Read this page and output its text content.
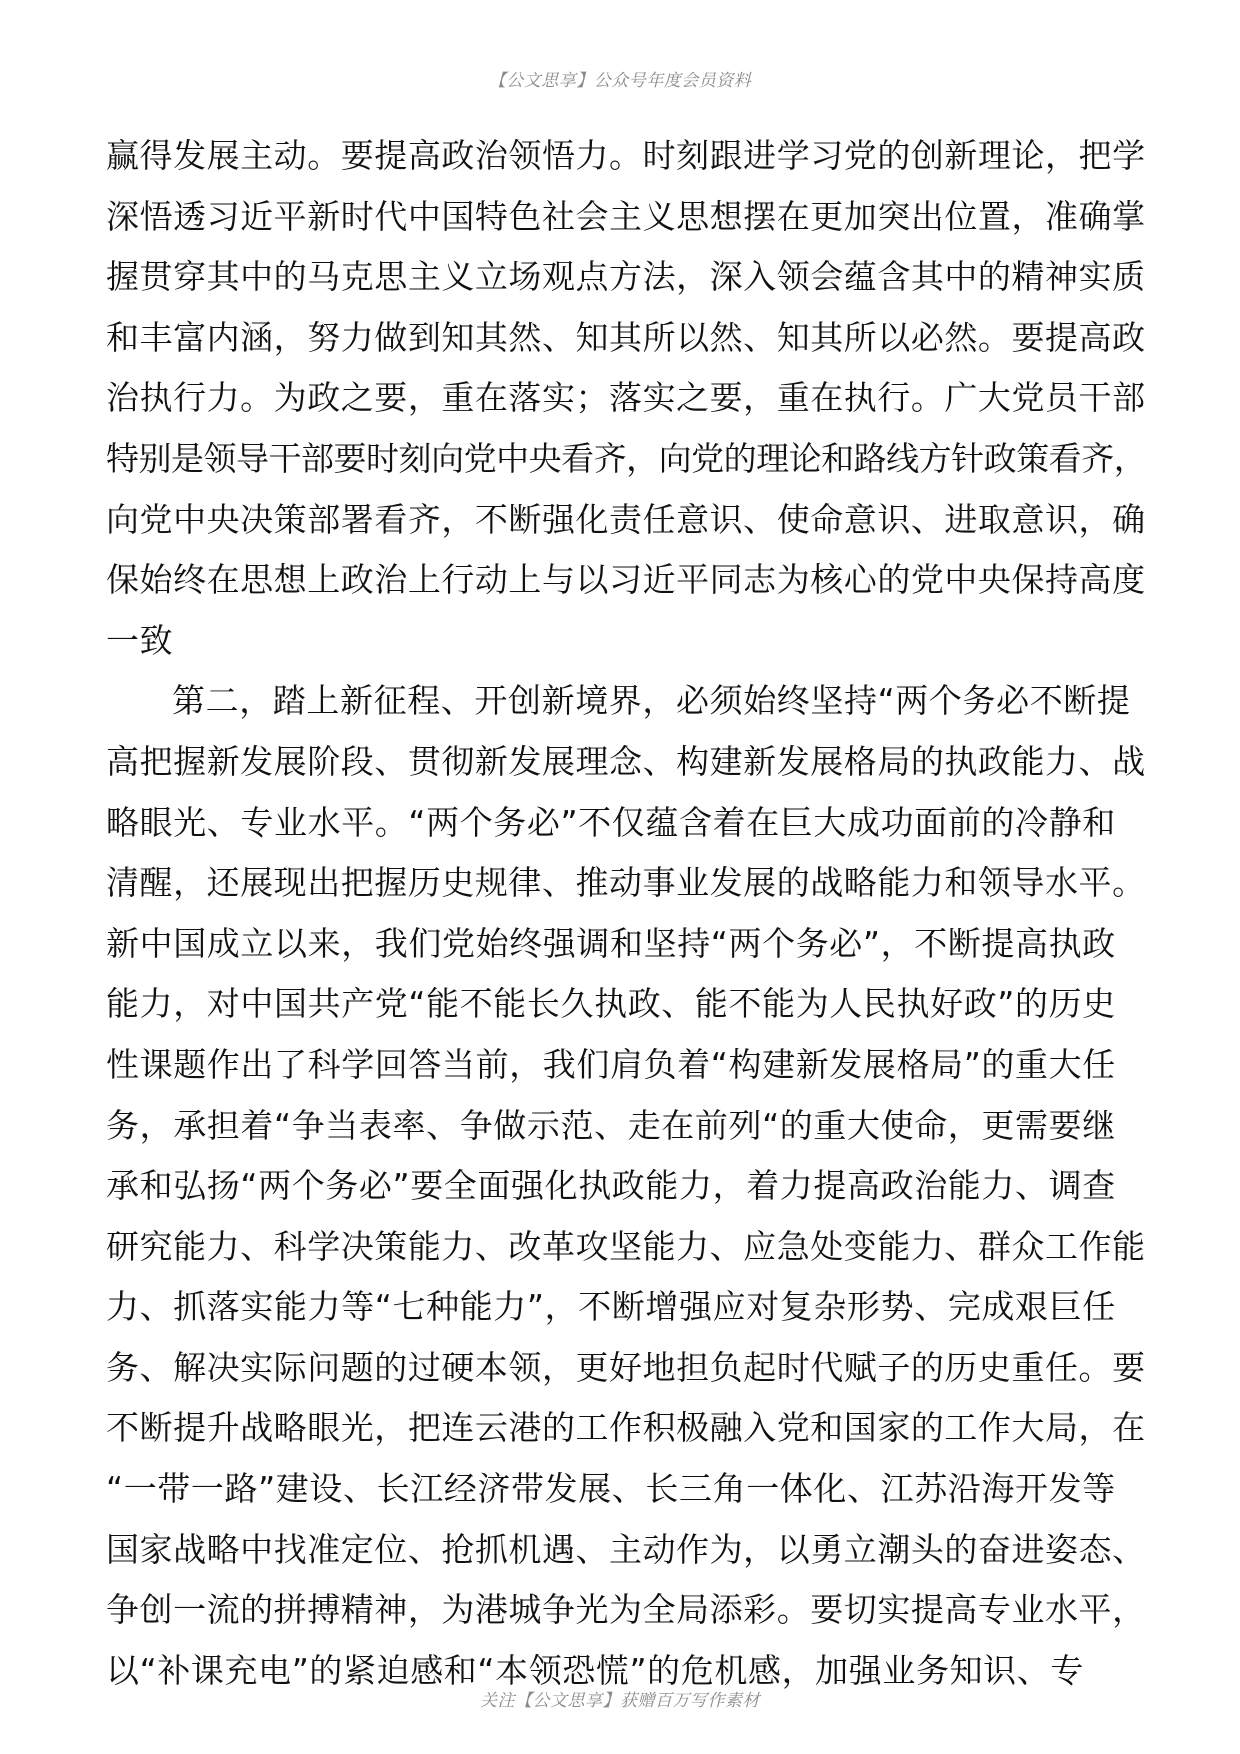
【公文思享】公众号年度会员资料
赢得发展主动。要提高政治领悟力。时刻跟进学习党的创新理论，把学
深悟透习近平新时代中国特色社会主义思想摆在更加突出位置，准确掌
握贯穿其中的马克思主义立场观点方法，深入领会蕴含其中的精神实质
和丰富内涵，努力做到知其然、知其所以然、知其所以必然。要提高政
治执行力。为政之要，重在落实；落实之要，重在执行。广大党员干部
特别是领导干部要时刻向党中央看齐，向党的理论和路线方针政策看齐，
向党中央决策部署看齐，不断强化责任意识、使命意识、进取意识，确
保始终在思想上政治上行动上与以习近平同志为核心的党中央保持高度
一致
第二，踏上新征程、开创新境界，必须始终坚持“两个务必不断提
高把握新发展阶段、贯彻新发展理念、构建新发展格局的执政能力、战
略眼光、专业水平。“两个务必”不仅蕴含着在巨大成功面前的冷静和
清醒，还展现出把握历史规律、推动事业发展的战略能力和领导水平。
新中国成立以来，我们党始终强调和坚持“两个务必”，不断提高执政
能力，对中国共产党“能不能长久执政、能不能为人民执好政”的历史
性课题作出了科学回答当前，我们肩负着“构建新发展格局”的重大任
务，承担着“争当表率、争做示范、走在前列“的重大使命，更需要继
承和弘扬“两个务必”要全面强化执政能力，着力提高政治能力、调查
研究能力、科学决策能力、改革攻坚能力、应急处变能力、群众工作能
力、抓落实能力等“七种能力”，不断增强应对复杂形势、完成艰巨任
务、解决实际问题的过硬本领，更好地担负起时代赋子的历史重任。要
不断提升战略眼光，把连云港的工作积极融入党和国家的工作大局，在
“一带一路”建设、长江经济带发展、长三角一体化、江苏沿海开发等
国家战略中找准定位、抢抓机遇、主动作为，以勇立潮头的奋进姿态、
争创一流的拼搏精神，为港城争光为全局添彩。要切实提高专业水平，
以“补课充电”的紧迫感和“本领恐慌”的危机感，加强业务知识、专
关注【公文思享】获赠百万写作素材
